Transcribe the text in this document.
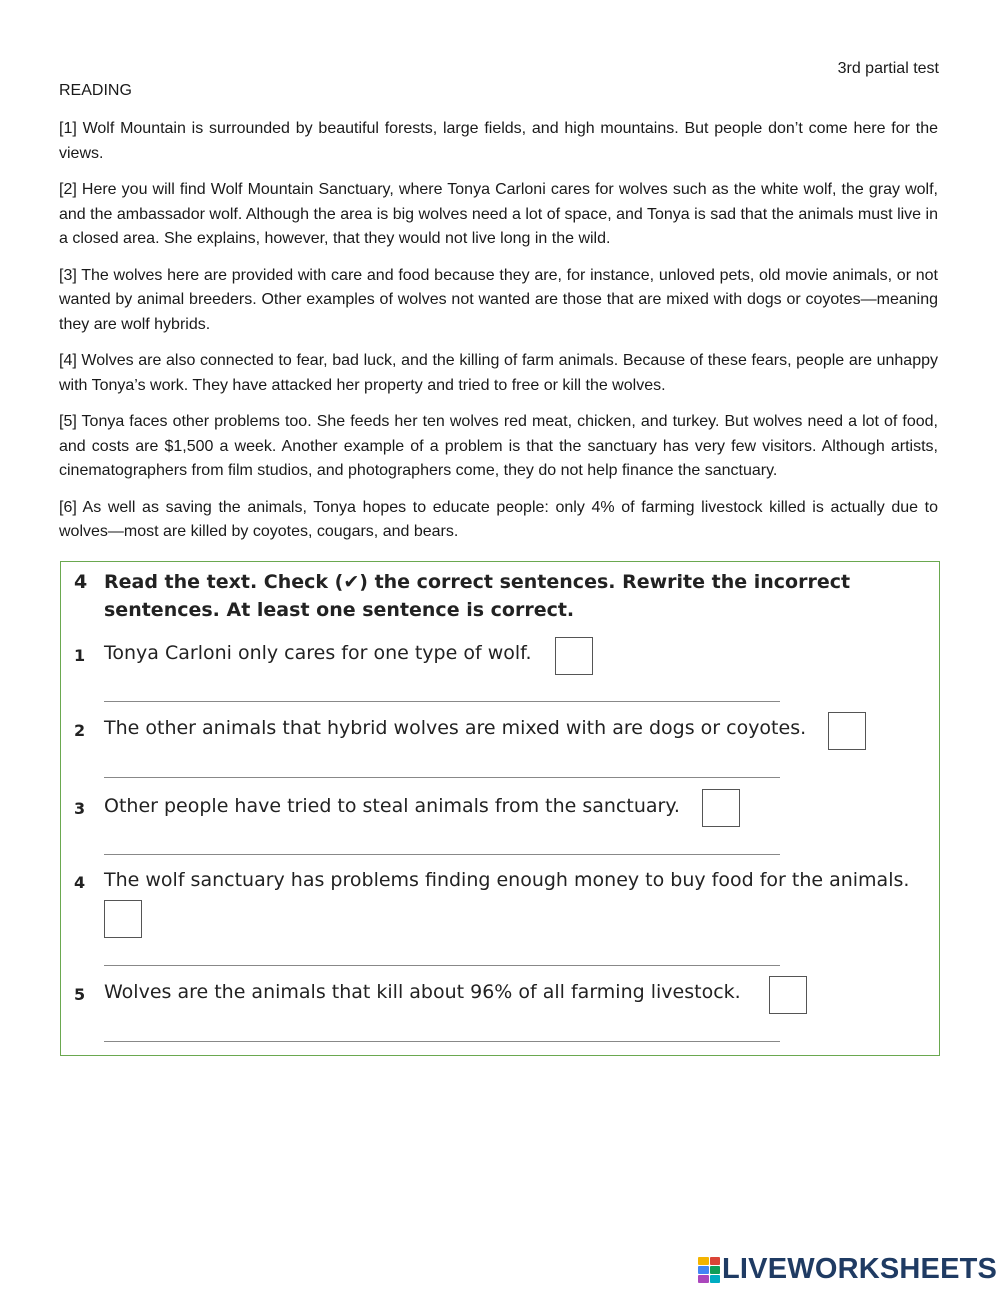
3rd partial test
READING

[1] Wolf Mountain is surrounded by beautiful forests, large fields, and high mountains. But people don’t come here for the views.

[2] Here you will find Wolf Mountain Sanctuary, where Tonya Carloni cares for wolves such as the white wolf, the gray wolf, and the ambassador wolf. Although the area is big wolves need a lot of space, and Tonya is sad that the animals must live in a closed area. She explains, however, that they would not live long in the wild.

[3] The wolves here are provided with care and food because they are, for instance, unloved pets, old movie animals, or not wanted by animal breeders. Other examples of wolves not wanted are those that are mixed with dogs or coyotes—meaning they are wolf hybrids.

[4] Wolves are also connected to fear, bad luck, and the killing of farm animals. Because of these fears, people are unhappy with Tonya’s work. They have attacked her property and tried to free or kill the wolves.

[5] Tonya faces other problems too. She feeds her ten wolves red meat, chicken, and turkey. But wolves need a lot of food, and costs are $1,500 a week. Another example of a problem is that the sanctuary has very few visitors. Although artists, cinematographers from film studios, and photographers come, they do not help finance the sanctuary.

[6] As well as saving the animals, Tonya hopes to educate people: only 4% of farming livestock killed is actually due to wolves—most are killed by coyotes, cougars, and bears.

4 Read the text. Check (✔) the correct sentences. Rewrite the incorrect sentences. At least one sentence is correct.
1 Tonya Carloni only cares for one type of wolf.
2 The other animals that hybrid wolves are mixed with are dogs or coyotes.
3 Other people have tried to steal animals from the sanctuary.
4 The wolf sanctuary has problems finding enough money to buy food for the animals.
5 Wolves are the animals that kill about 96% of all farming livestock.
LIVEWORKSHEETS
